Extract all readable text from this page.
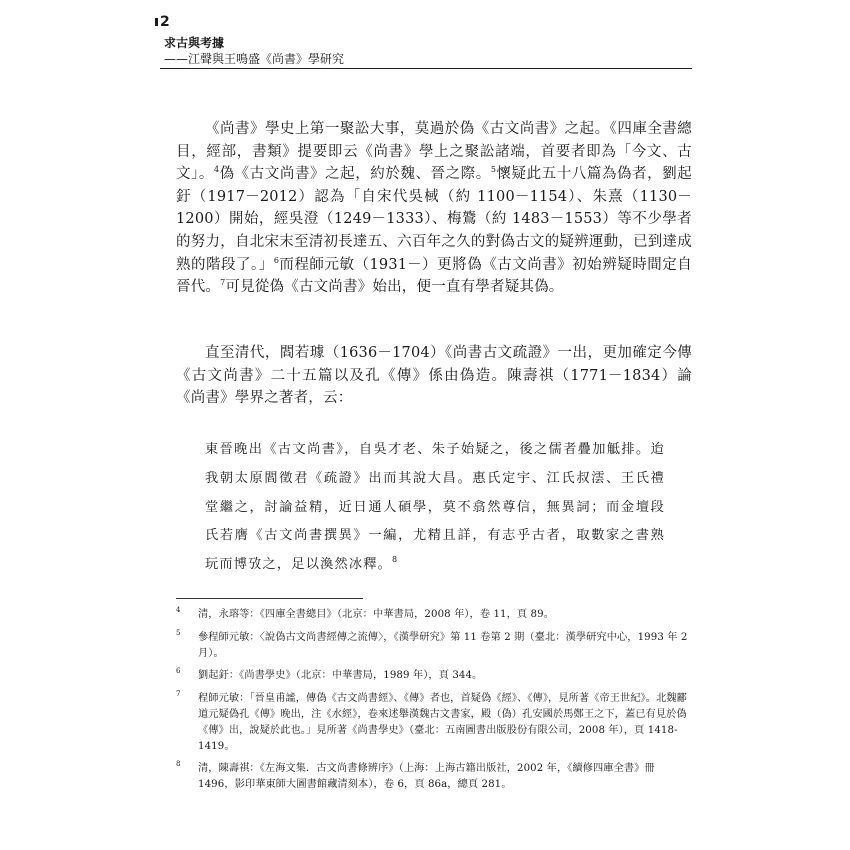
2
求古與考據
——江聲與王鳴盛《尚書》學研究
《尚書》學史上第一聚訟大事，莫過於偽《古文尚書》之起。《四庫全書總目，經部，書類》提要即云《尚書》學上之聚訟諸端，首要者即為「今文、古文」。$^4$偽《古文尚書》之起，約於魏、晉之際。$^5$懷疑此五十八篇為偽者，劉起釪（1917－2012）認為「自宋代吳棫（約 1100－1154）、朱熹（1130－1200）開始，經吳澄（1249－1333）、梅鷟（約 1483－1553）等不少學者的努力，自北宋末至清初長達五、六百年之久的對偽古文的疑辨運動，已到達成熟的階段了。」$^6$而程師元敏（1931－）更將偽《古文尚書》初始辨疑時間定自晉代。$^7$可見從偽《古文尚書》始出，便一直有學者疑其偽。
直至清代，閻若璩（1636－1704）《尚書古文疏證》一出，更加確定今傳《古文尚書》二十五篇以及孔《傳》係由偽造。陳壽祺（1771－1834）論《尚書》學界之著者，云：
東晉晚出《古文尚書》，自吳才老、朱子始疑之，後之儒者疊加觝排。迨我朝太原閻徵君《疏證》出而其說大昌。惠氏定宇、江氏叔澐、王氏禮堂繼之，討論益精，近日通人碩學，莫不翕然尊信，無異詞；而金壇段氏若膺《古文尚書撰異》一編，尤精且詳，有志乎古者，取數家之書熟玩而博攷之，足以渙然冰釋。$^8$
4 清，永瑢等：《四庫全書總目》（北京：中華書局，2008 年），卷 11，頁 89。
5 參程師元敏：〈說偽古文尚書經傳之流傳〉，《漢學研究》第 11 卷第 2 期（臺北：漢學研究中心，1993 年 2 月）。
6 劉起釪：《尚書學史》（北京：中華書局，1989 年），頁 344。
7 程師元敏：「晉皇甫謐，傳偽《古文尚書經》、《傳》者也，首疑偽《經》、《傳》，見所著《帝王世紀》。北魏酈道元疑偽孔《傳》晚出，注《水經》，卷來述舉漢魏古文書家，殿（偽）孔安國於馬鄭王之下，蓋已有見於偽《傳》出，說疑於此也。」見所著《尚書學史》（臺北：五南圖書出版股份有限公司，2008 年），頁 1418-1419。
8 清，陳壽祺：《左海文集．古文尚書條辨序》（上海：上海古籍出版社，2002 年，《續修四庫全書》冊 1496，影印華東師大圖書館藏清刻本），卷 6，頁 86a，總頁 281。
